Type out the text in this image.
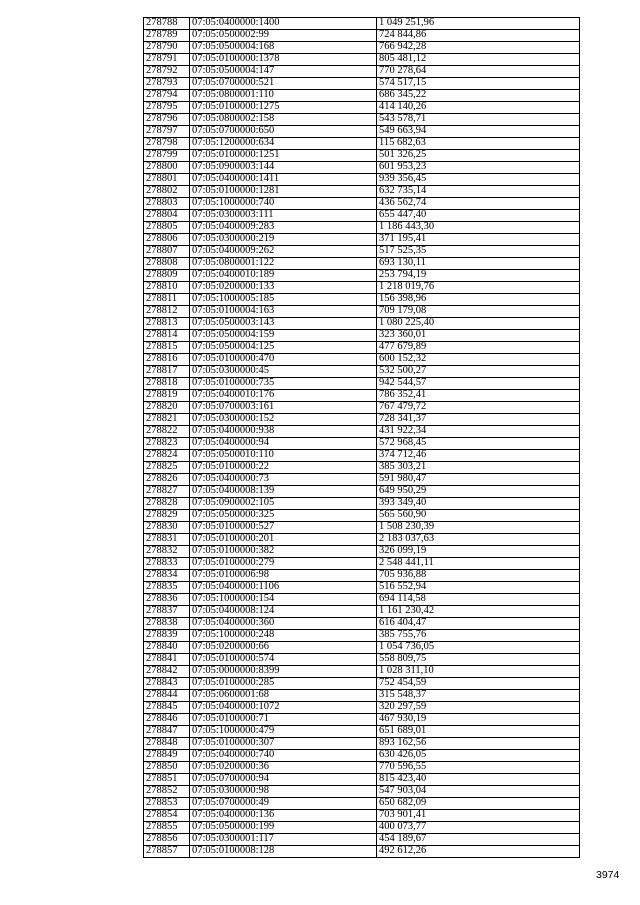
278788	07:05:0400000:1400	1 049 251,96
278789	07:05:0500002:99	724 844,86
278790	07:05:0500004:168	766 942,28
278791	07:05:0100000:1378	805 481,12
278792	07:05:0500004:147	770 278,64
278793	07:05:0700000:521	574 517,15
278794	07:05:0800001:110	686 345,22
278795	07:05:0100000:1275	414 140,26
278796	07:05:0800002:158	543 578,71
278797	07:05:0700000:650	549 663,94
278798	07:05:1200000:634	115 682,63
278799	07:05:0100000:1251	501 326,25
278800	07:05:0900003:144	601 953,23
278801	07:05:0400000:1411	939 356,45
278802	07:05:0100000:1281	632 735,14
278803	07:05:1000000:740	436 562,74
278804	07:05:0300003:111	655 447,40
278805	07:05:0400009:283	1 186 443,30
278806	07:05:0300000:219	371 195,41
278807	07:05:0400009:262	517 525,35
278808	07:05:0800001:122	693 130,11
278809	07:05:0400010:189	253 794,19
278810	07:05:0200000:133	1 218 019,76
278811	07:05:1000005:185	156 398,96
278812	07:05:0100004:163	709 179,08
278813	07:05:0500003:143	1 080 225,40
278814	07:05:0500004:159	323 360,01
278815	07:05:0500004:125	477 679,89
278816	07:05:0100000:470	600 152,32
278817	07:05:0300000:45	532 500,27
278818	07:05:0100000:735	942 544,57
278819	07:05:0400010:176	786 352,41
278820	07:05:0700003:161	767 479,72
278821	07:05:0300000:152	728 341,37
278822	07:05:0400000:938	431 922,34
278823	07:05:0400000:94	572 968,45
278824	07:05:0500010:110	374 712,46
278825	07:05:0100000:22	385 303,21
278826	07:05:0400000:73	591 980,47
278827	07:05:0400008:139	649 950,29
278828	07:05:0900002:105	393 349,40
278829	07:05:0500000:325	565 560,90
278830	07:05:0100000:527	1 508 230,39
278831	07:05:0100000:201	2 183 037,63
278832	07:05:0100000:382	326 099,19
278833	07:05:0100000:279	2 548 441,11
278834	07:05:0100006:98	705 936,88
278835	07:05:0400000:1106	516 552,94
278836	07:05:1000000:154	694 114,58
278837	07:05:0400008:124	1 161 230,42
278838	07:05:0400000:360	616 404,47
278839	07:05:1000000:248	385 755,76
278840	07:05:0200000:66	1 054 736,05
278841	07:05:0100000:574	558 809,75
278842	07:05:0000000:8399	1 028 311,10
278843	07:05:0100000:285	752 454,59
278844	07:05:0600001:68	315 548,37
278845	07:05:0400000:1072	320 297,59
278846	07:05:0100000:71	467 930,19
278847	07:05:1000000:479	651 689,01
278848	07:05:0100000:307	893 162,56
278849	07:05:0400000:740	630 426,05
278850	07:05:0200000:36	770 596,55
278851	07:05:0700000:94	815 423,40
278852	07:05:0300000:98	547 903,04
278853	07:05:0700000:49	650 682,09
278854	07:05:0400000:136	703 901,41
278855	07:05:0500000:199	400 073,77
278856	07:05:0300001:117	454 189,67
278857	07:05:0100008:128	492 612,26
3974
